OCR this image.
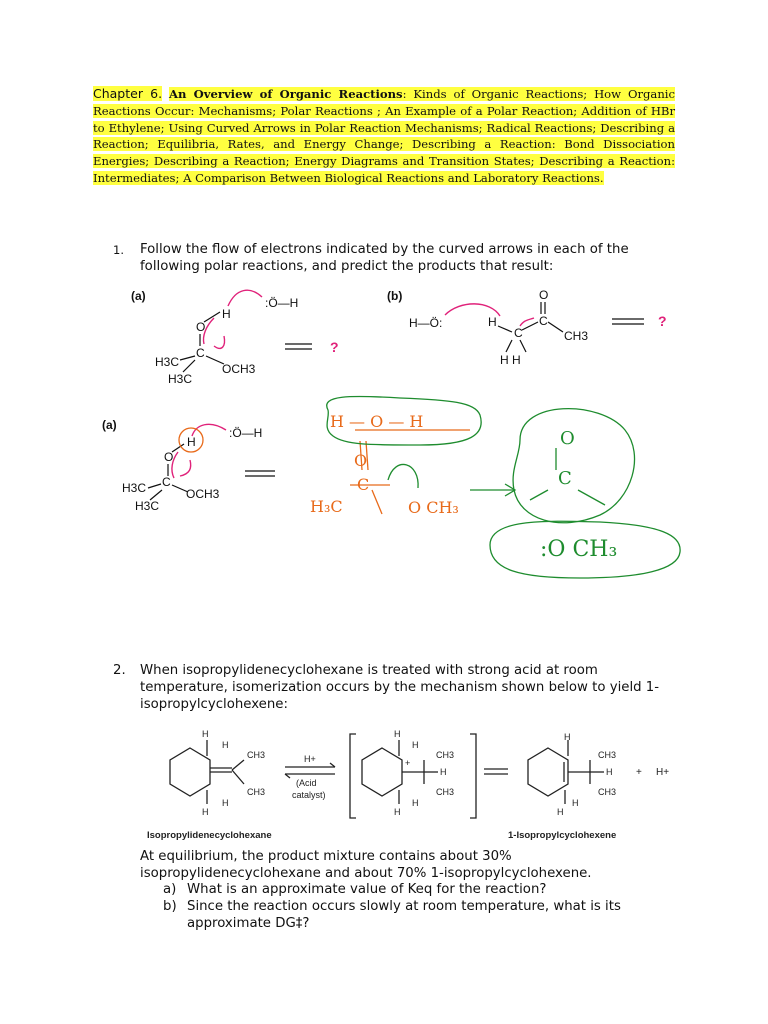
Chapter 6. An Overview of Organic Reactions: Kinds of Organic Reactions; How Organic Reactions Occur: Mechanisms; Polar Reactions ; An Example of a Polar Reaction; Addition of HBr to Ethylene; Using Curved Arrows in Polar Reaction Mechanisms; Radical Reactions; Describing a Reaction; Equilibria, Rates, and Energy Change; Describing a Reaction: Bond Dissociation Energies; Describing a Reaction; Energy Diagrams and Transition States; Describing a Reaction: Intermediates; A Comparison Between Biological Reactions and Laboratory Reactions.
1. Follow the flow of electrons indicated by the curved arrows in each of the following polar reactions, and predict the products that result:
(a)	:Ö—H
H
O
C
H3C
H3C
OCH3
?
(b)
H—Ö:	H
C
C
O
CH3
H H
?
(a)
:Ö—H
H
O
C
H3C
H3C
OCH3
H — O — H
O
C
H₃C	O CH₃
O
C
:O CH₃
2. When isopropylidenecyclohexane is treated with strong acid at room temperature, isomerization occurs by the mechanism shown below to yield 1-isopropylcyclohexene:
H
H
CH3
CH3
H
H
H+
(Acid
catalyst)
H
H
+
CH3
H
CH3
H
H
H
CH3
H
CH3
H
H
+ H+
Isopropylidenecyclohexane	1-Isopropylcyclohexene
At equilibrium, the product mixture contains about 30% isopropylidenecyclohexane and about 70% 1-isopropylcyclohexene.
a) What is an approximate value of Keq for the reaction?
b) Since the reaction occurs slowly at room temperature, what is its approximate DG‡?
